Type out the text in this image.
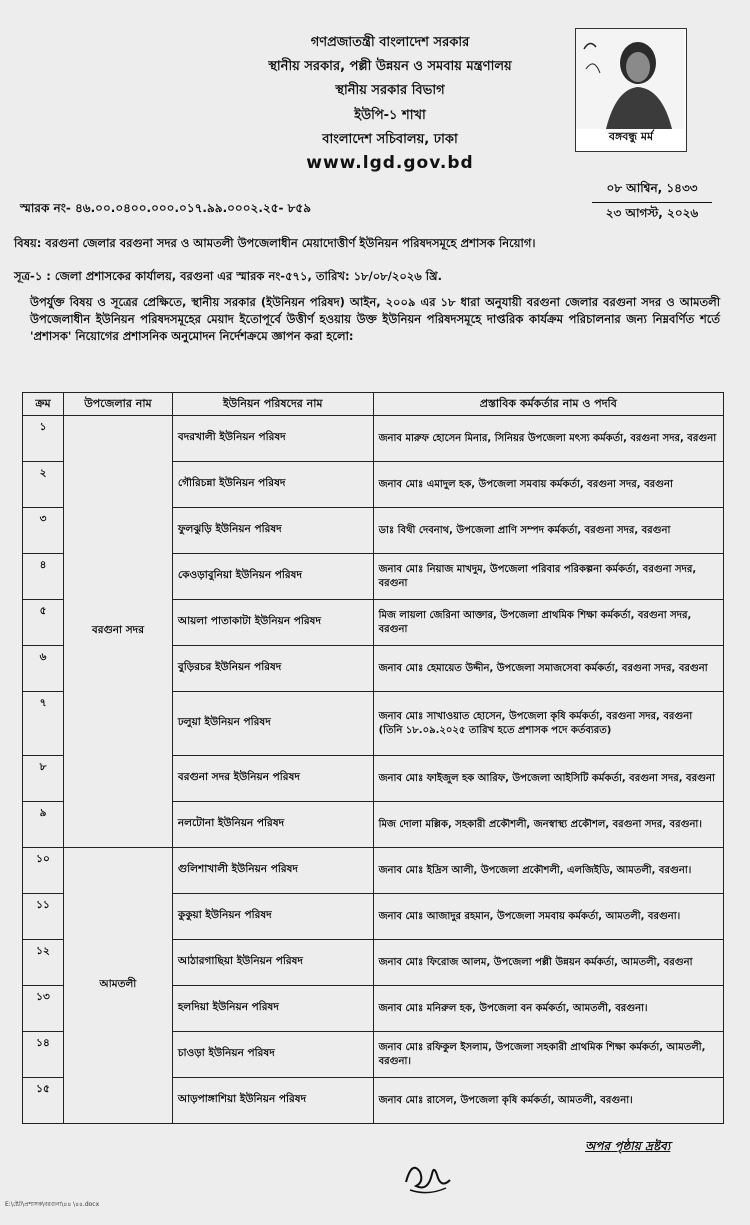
গণপ্রজাতন্ত্রী বাংলাদেশ সরকার
স্থানীয় সরকার, পল্লী উন্নয়ন ও সমবায় মন্ত্রণালয়
স্থানীয় সরকার বিভাগ
ইউপি-১ শাখা
বাংলাদেশ সচিবালয়, ঢাকা
www.lgd.gov.bd
বঙ্গবন্ধু মর্ম
০৮ আশ্বিন, ১৪৩৩
২৩ আগস্ট, ২০২৬
স্মারক নং- ৪৬.০০.০৪০০.০০০.০১৭.৯৯.০০০২.২৫- ৮৫৯
বিষয়: বরগুনা জেলার বরগুনা সদর ও আমতলী উপজেলাধীন মেয়াদোত্তীর্ণ ইউনিয়ন পরিষদসমূহে প্রশাসক নিয়োগ।
সূত্র-১ : জেলা প্রশাসকের কার্যালয়, বরগুনা এর স্মারক নং-৫৭১, তারিখ: ১৮/০৮/২০২৬ খ্রি.
উপর্যুক্ত বিষয় ও সূত্রের প্রেক্ষিতে, স্থানীয় সরকার (ইউনিয়ন পরিষদ) আইন, ২০০৯ এর ১৮ ধারা অনুযায়ী বরগুনা জেলার বরগুনা সদর ও আমতলী উপজেলাধীন ইউনিয়ন পরিষদসমূহের মেয়াদ ইতোপূর্বে উত্তীর্ণ হওয়ায় উক্ত ইউনিয়ন পরিষদসমূহে দাপ্তরিক কার্যক্রম পরিচালনার জন্য নিম্নবর্ণিত শর্তে 'প্রশাসক' নিয়োগের প্রশাসনিক অনুমোদন নির্দেশক্রমে জ্ঞাপন করা হলো:
ক্রম	উপজেলার নাম	ইউনিয়ন পরিষদের নাম	প্রস্তাবিক কর্মকর্তার নাম ও পদবি
১	বরগুনা সদর	বদরখালী ইউনিয়ন পরিষদ	জনাব মারুফ হোসেন মিনার, সিনিয়র উপজেলা মৎস্য কর্মকর্তা, বরগুনা সদর, বরগুনা
২		গৌরিচন্না ইউনিয়ন পরিষদ	জনাব মোঃ এমাদুল হক, উপজেলা সমবায় কর্মকর্তা, বরগুনা সদর, বরগুনা
৩		ফুলঝুড়ি ইউনিয়ন পরিষদ	ডাঃ বিথী দেবনাথ, উপজেলা প্রাণি সম্পদ কর্মকর্তা, বরগুনা সদর, বরগুনা
৪		কেওড়াবুনিয়া ইউনিয়ন পরিষদ	জনাব মোঃ নিয়াজ মাখদুম, উপজেলা পরিবার পরিকল্পনা কর্মকর্তা, বরগুনা সদর, বরগুনা
৫		আয়লা পাতাকাটা ইউনিয়ন পরিষদ	মিজ লায়লা জেরিনা আক্তার, উপজেলা প্রাথমিক শিক্ষা কর্মকর্তা, বরগুনা সদর, বরগুনা
৬		বুড়িরচর ইউনিয়ন পরিষদ	জনাব মোঃ হেমায়েত উদ্দীন, উপজেলা সমাজসেবা কর্মকর্তা, বরগুনা সদর, বরগুনা
৭		ঢলুয়া ইউনিয়ন পরিষদ	জনাব মোঃ সাখাওয়াত হোসেন, উপজেলা কৃষি কর্মকর্তা, বরগুনা সদর, বরগুনা (তিনি ১৮.০৯.২০২৫ তারিখ হতে প্রশাসক পদে কর্তব্যরত)
৮		বরগুনা সদর ইউনিয়ন পরিষদ	জনাব মোঃ ফাইজুল হক আরিফ, উপজেলা আইসিটি কর্মকর্তা, বরগুনা সদর, বরগুনা
৯		নলটোনা ইউনিয়ন পরিষদ	মিজ দোলা মল্লিক, সহকারী প্রকৌশলী, জনস্বাস্থ্য প্রকৌশল, বরগুনা সদর, বরগুনা।
১০	আমতলী	গুলিশাখালী ইউনিয়ন পরিষদ	জনাব মোঃ ইদ্রিস আলী, উপজেলা প্রকৌশলী, এলজিইডি, আমতলী, বরগুনা।
১১		কুকুয়া ইউনিয়ন পরিষদ	জনাব মোঃ আজাদুর রহমান, উপজেলা সমবায় কর্মকর্তা, আমতলী, বরগুনা।
১২		আঠারগাছিয়া ইউনিয়ন পরিষদ	জনাব মোঃ ফিরোজ আলম, উপজেলা পল্লী উন্নয়ন কর্মকর্তা, আমতলী, বরগুনা
১৩		হলদিয়া ইউনিয়ন পরিষদ	জনাব মোঃ মনিরুল হক, উপজেলা বন কর্মকর্তা, আমতলী, বরগুনা।
১৪		চাওড়া ইউনিয়ন পরিষদ	জনাব মোঃ রফিকুল ইসলাম, উপজেলা সহকারী প্রাথমিক শিক্ষা কর্মকর্তা, আমতলী, বরগুনা।
১৫		আড়পাঙ্গাশিয়া ইউনিয়ন পরিষদ	জনাব মোঃ রাসেল, উপজেলা কৃষি কর্মকর্তা, আমতলী, বরগুনা।
অপর পৃষ্ঠায় দ্রষ্টব্য
E:\ষ্টেট\প্রশাসক\বরগুনা\৪৪ \৪৪.docx
